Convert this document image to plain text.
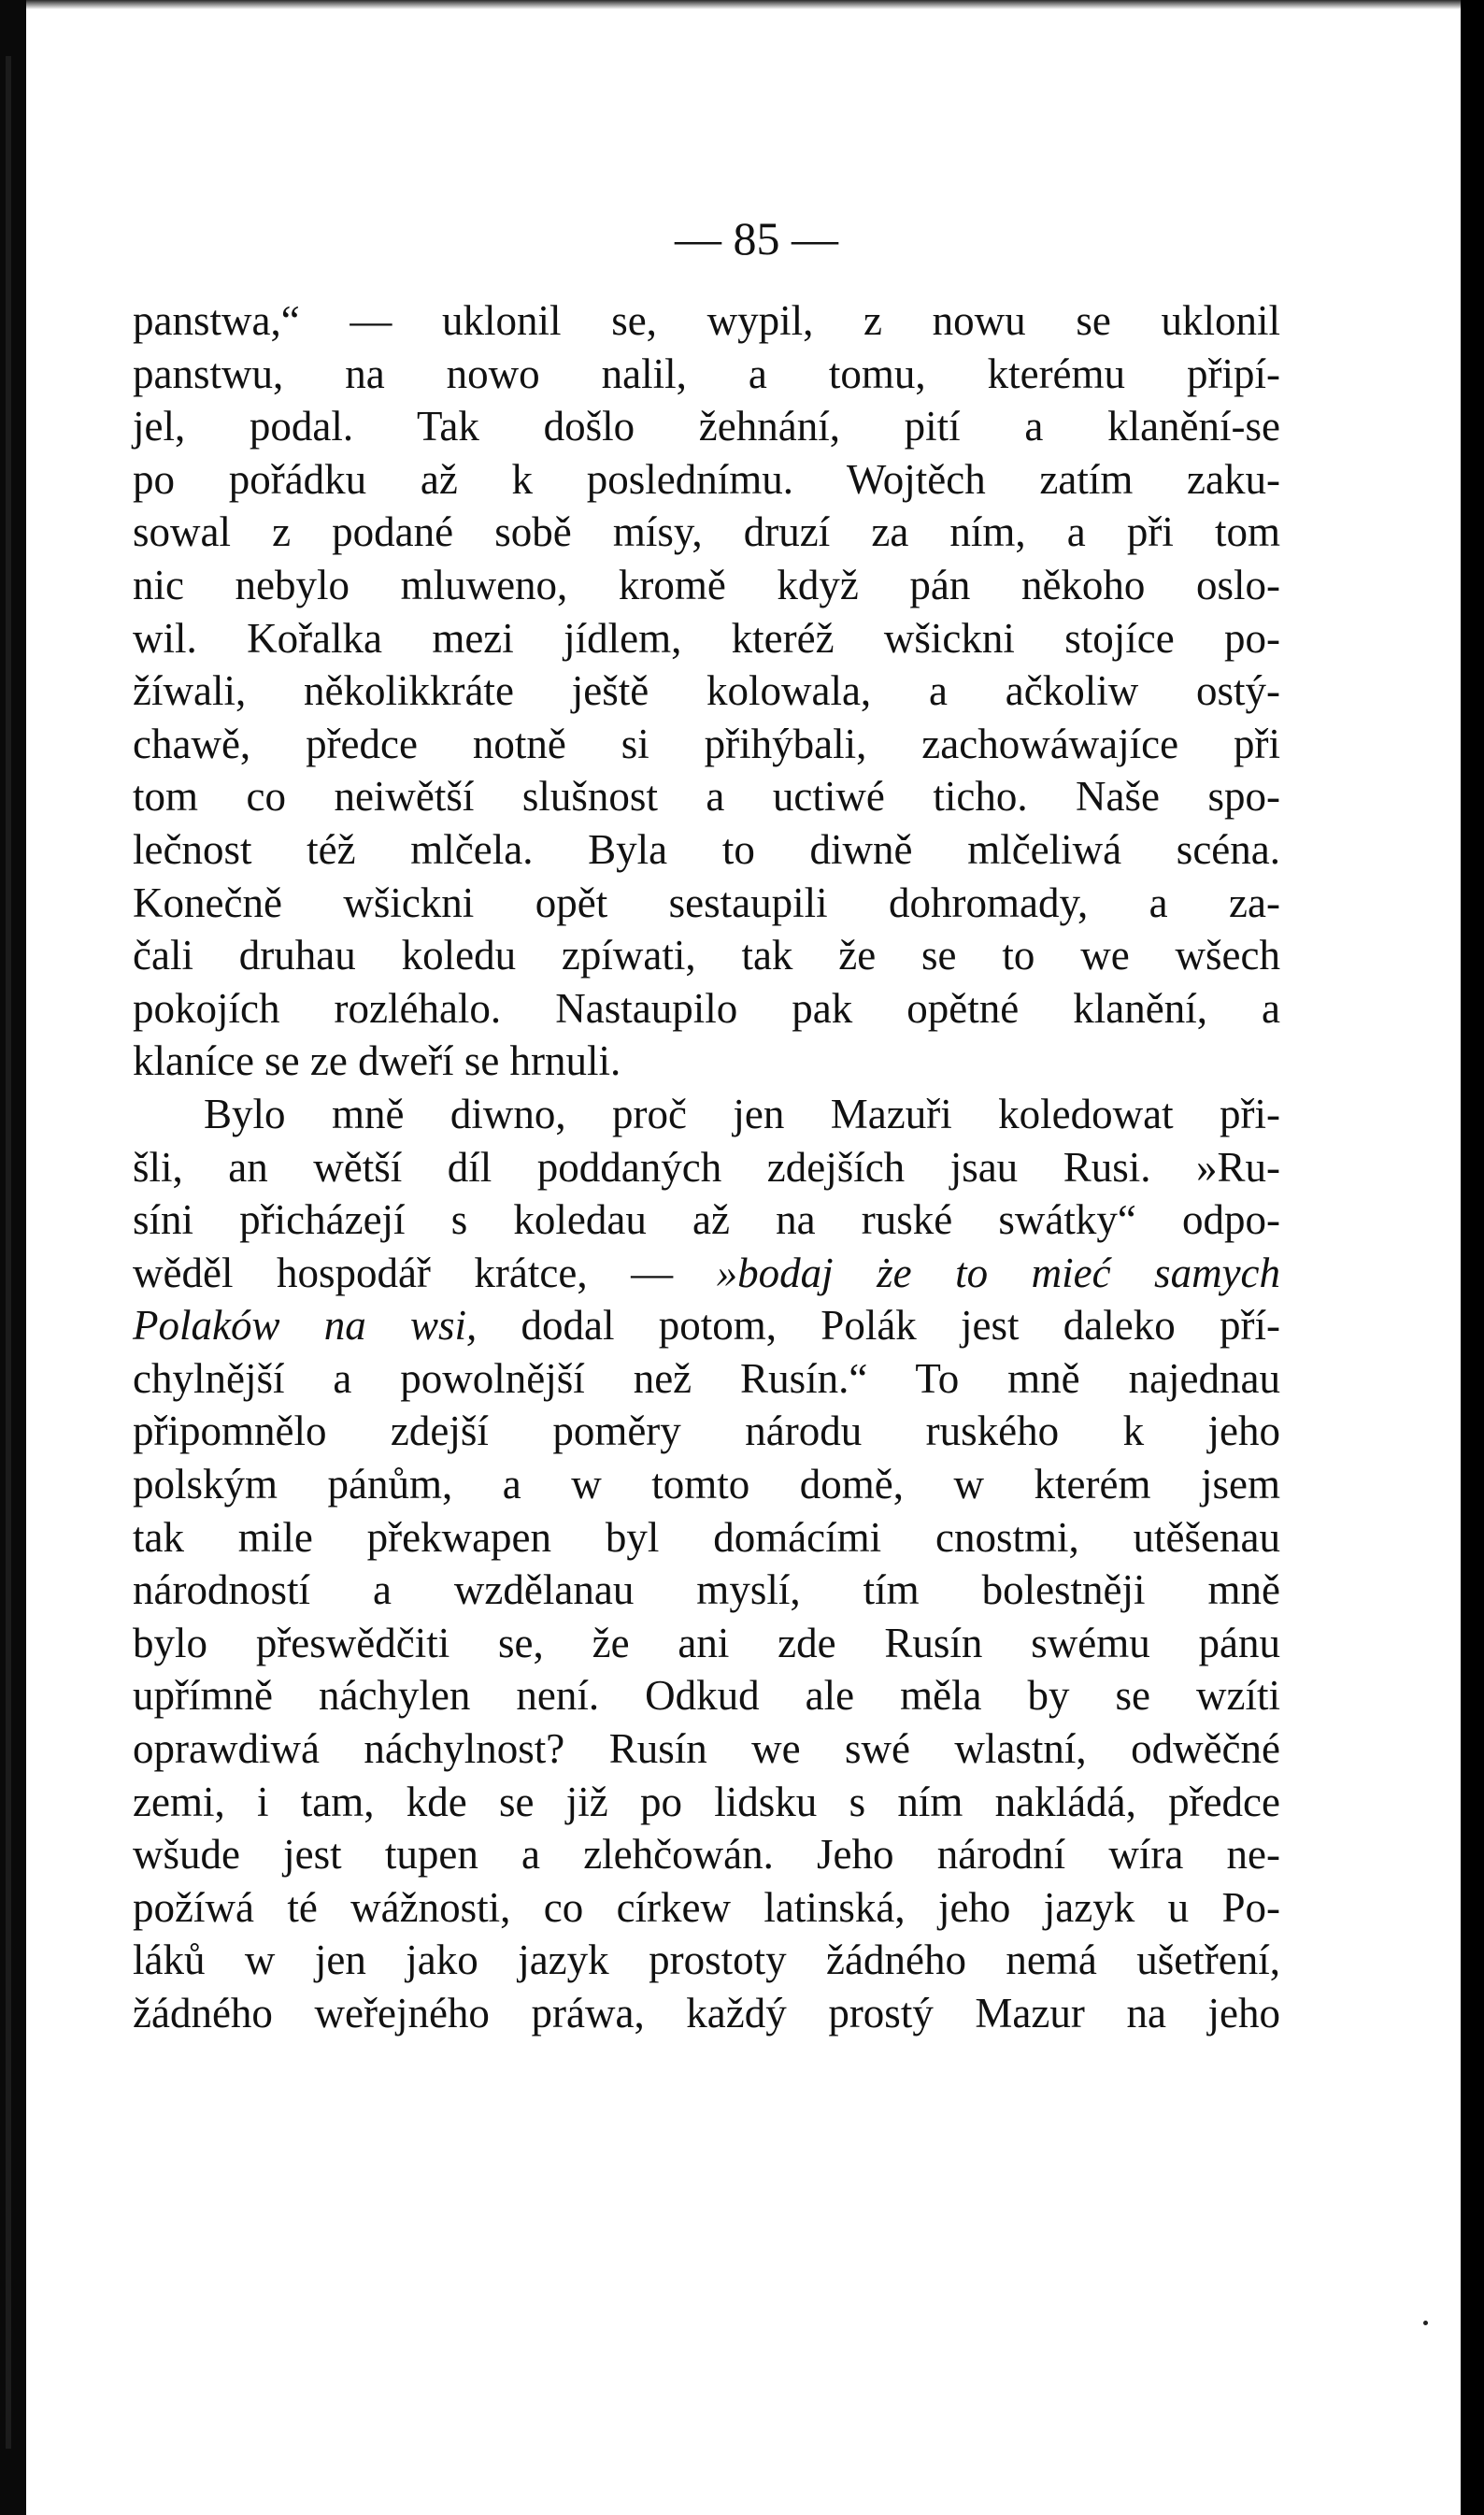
— 85 —
panstwa,“ — uklonil se, wypil, z nowu se uklonil
panstwu, na nowo nalil, a tomu, kterému připí-
jel, podal. Tak došlo žehnání, pití a klanění-se
po pořádku až k poslednímu. Wojtěch zatím zaku-
sowal z podané sobě mísy, druzí za ním, a při tom
nic nebylo mluweno, kromě když pán někoho oslo-
wil. Kořalka mezi jídlem, kteréž wšickni stojíce po-
žíwali, několikkráte ještě kolowala, a ačkoliw ostý-
chawě, předce notně si přihýbali, zachowáwajíce při
tom co neiwětší slušnost a uctiwé ticho. Naše spo-
lečnost též mlčela. Byla to diwně mlčeliwá scéna.
Konečně wšickni opět sestaupili dohromady, a za-
čali druhau koledu zpíwati, tak že se to we wšech
pokojích rozléhalo. Nastaupilo pak opětné klanění, a
klaníce se ze dweří se hrnuli.
Bylo mně diwno, proč jen Mazuři koledowat při-
šli, an wětší díl poddaných zdejších jsau Rusi. »Ru-
síni přicházejí s koledau až na ruské swátky“ odpo-
wěděl hospodář krátce, — »bodaj że to mieć samych
Polaków na wsi, dodal potom, Polák jest daleko pří-
chylnější a powolnější než Rusín.“ To mně najednau
připomnělo zdejší poměry národu ruského k jeho
polským pánům, a w tomto domě, w kterém jsem
tak mile překwapen byl domácími cnostmi, utěšenau
národností a wzdělanau myslí, tím bolestněji mně
bylo přeswědčiti se, že ani zde Rusín swému pánu
upřímně náchylen není. Odkud ale měla by se wzíti
oprawdiwá náchylnost? Rusín we swé wlastní, odwěčné
zemi, i tam, kde se již po lidsku s ním nakládá, předce
wšude jest tupen a zlehčowán. Jeho národní wíra ne-
požíwá té wážnosti, co církew latinská, jeho jazyk u Po-
láků w jen jako jazyk prostoty žádného nemá ušetření,
žádného weřejného práwa, každý prostý Mazur na jeho
